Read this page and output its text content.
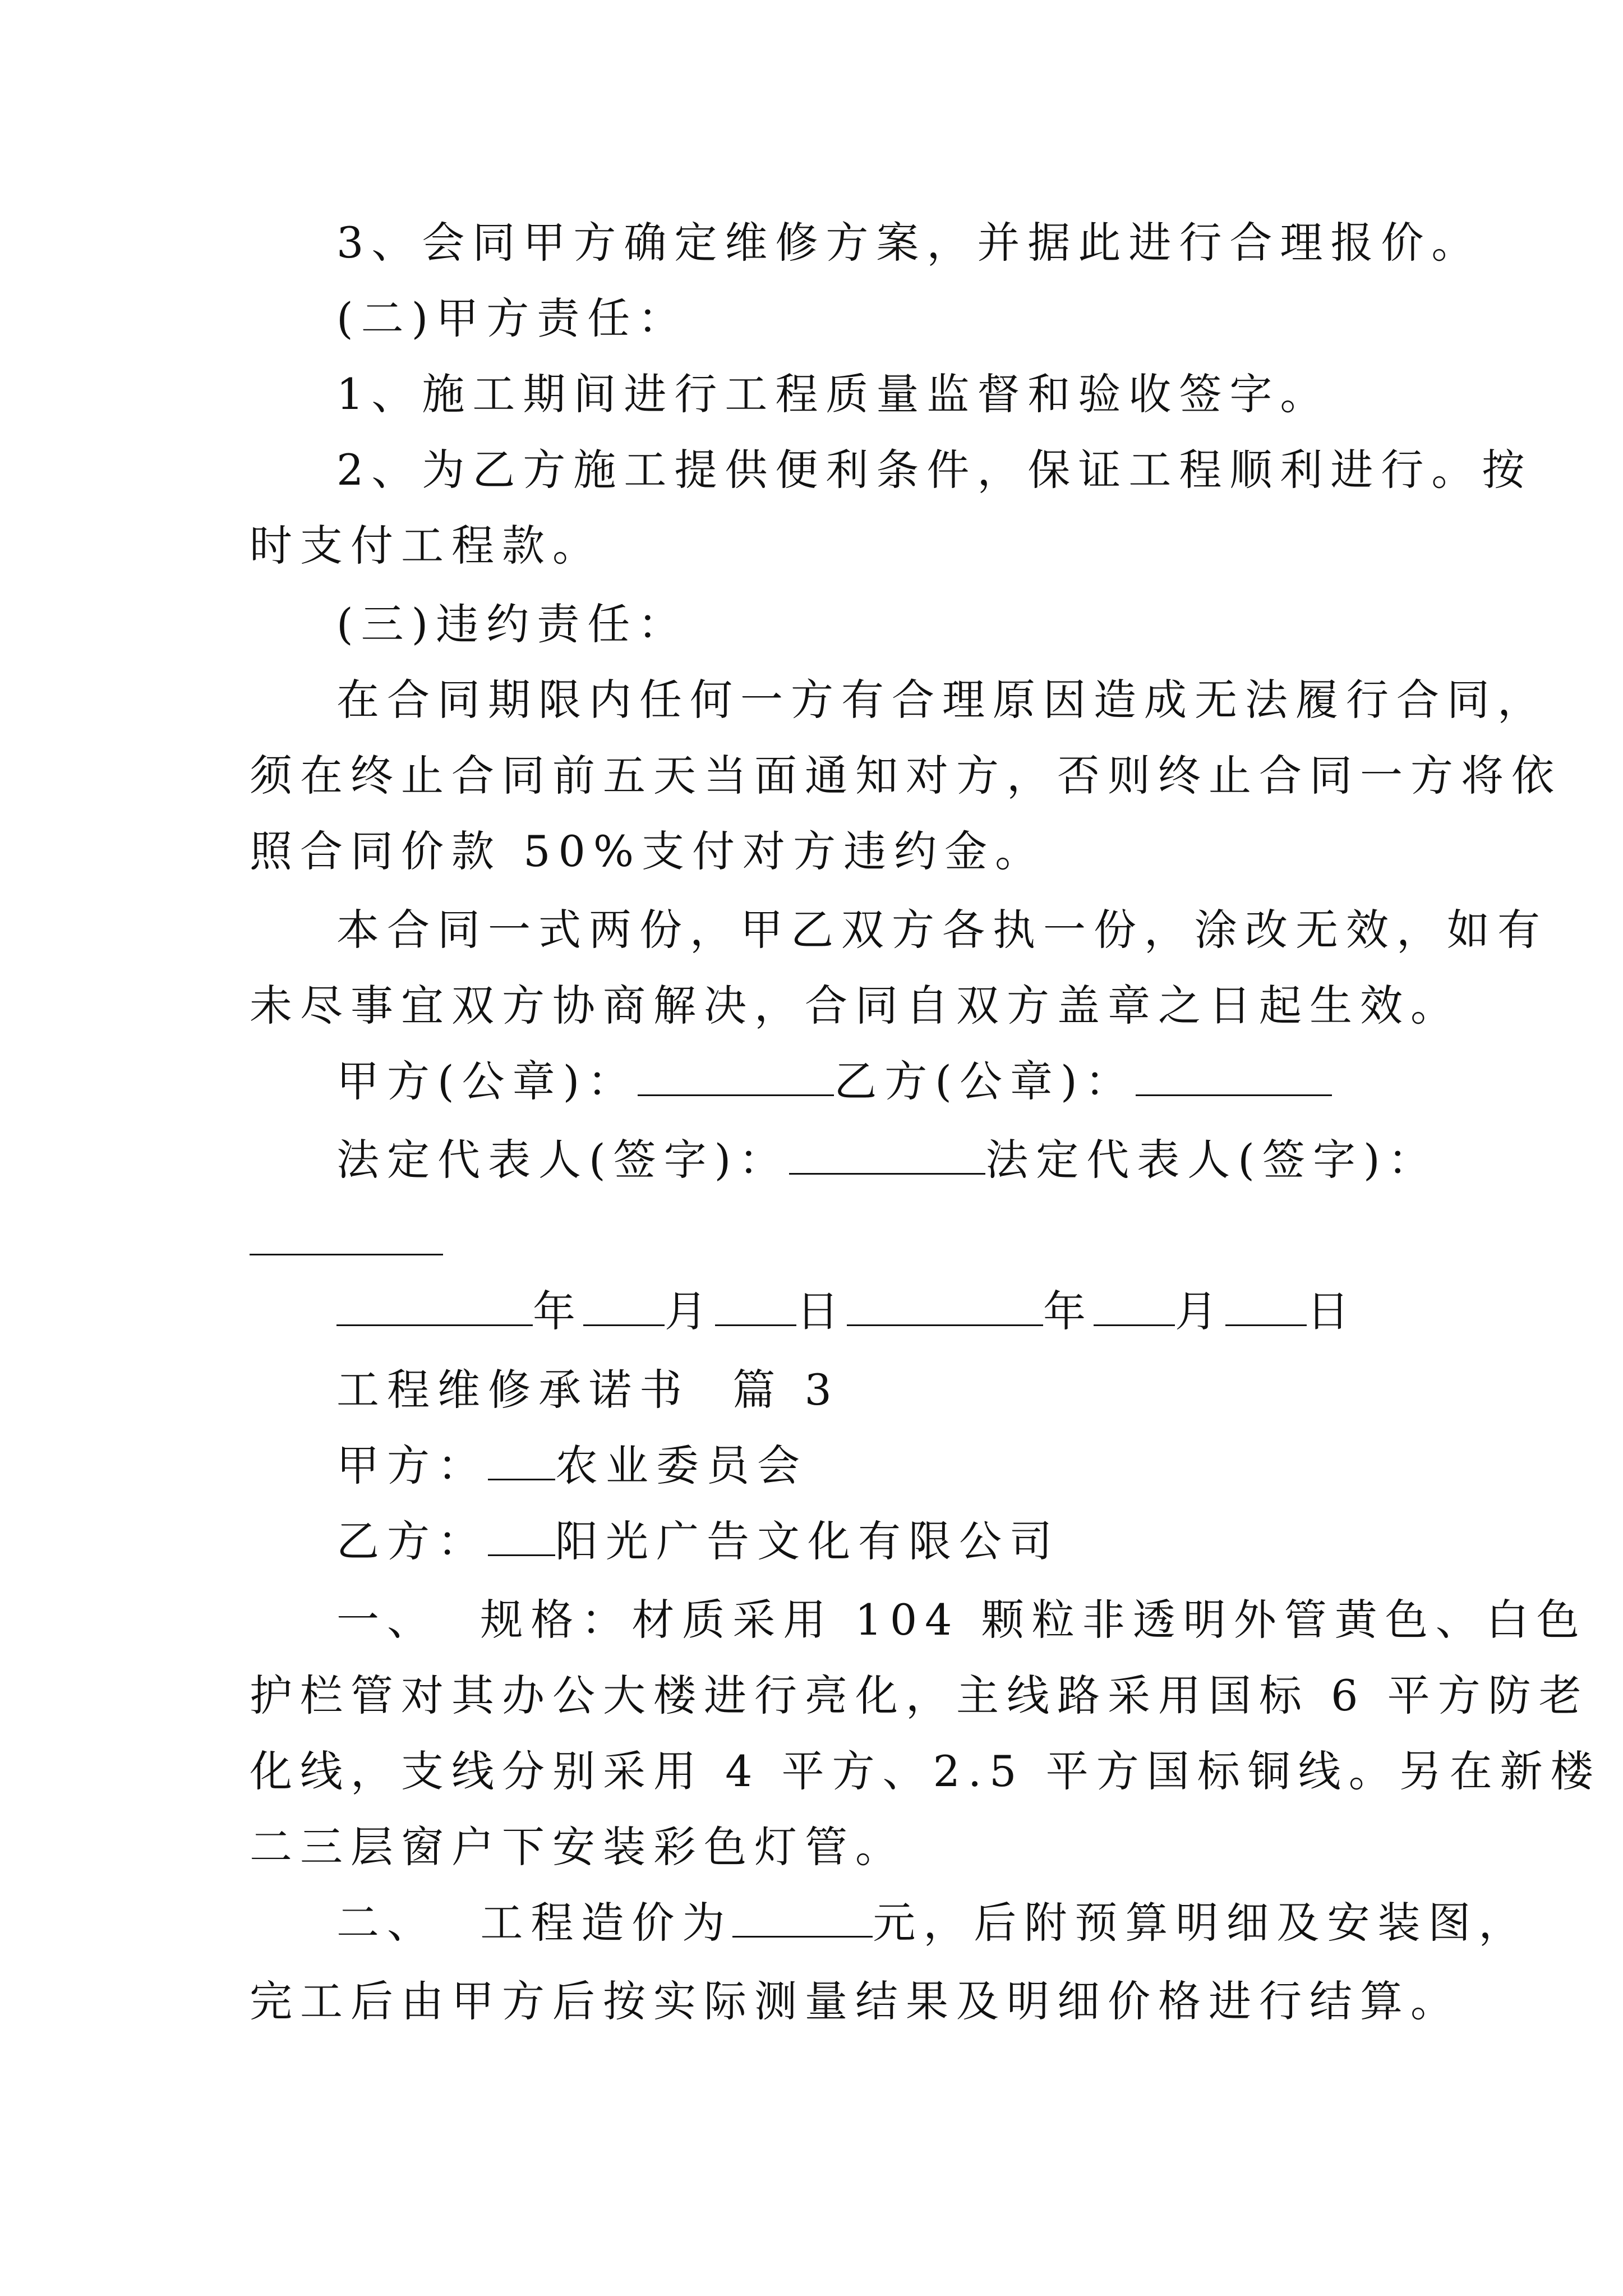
3、会同甲方确定维修方案，并据此进行合理报价。
(二)甲方责任：
1、施工期间进行工程质量监督和验收签字。
2、为乙方施工提供便利条件，保证工程顺利进行。按
时支付工程款。
(三)违约责任：
在合同期限内任何一方有合理原因造成无法履行合同，
须在终止合同前五天当面通知对方，否则终止合同一方将依
照合同价款 50%支付对方违约金。
本合同一式两份，甲乙双方各执一份，涂改无效，如有
未尽事宜双方协商解决，合同自双方盖章之日起生效。
甲方(公章)：	乙方(公章)：
法定代表人(签字)：	法定代表人(签字)：
年 月 日	年 月 日
工程维修承诺书  篇 3
甲方： 农业委员会
乙方： 阳光广告文化有限公司
一、  规格：材质采用 104 颗粒非透明外管黄色、白色
护栏管对其办公大楼进行亮化，主线路采用国标 6 平方防老
化线，支线分别采用 4 平方、2.5 平方国标铜线。另在新楼
二三层窗户下安装彩色灯管。
二、  工程造价为	元，后附预算明细及安装图，
完工后由甲方后按实际测量结果及明细价格进行结算。
